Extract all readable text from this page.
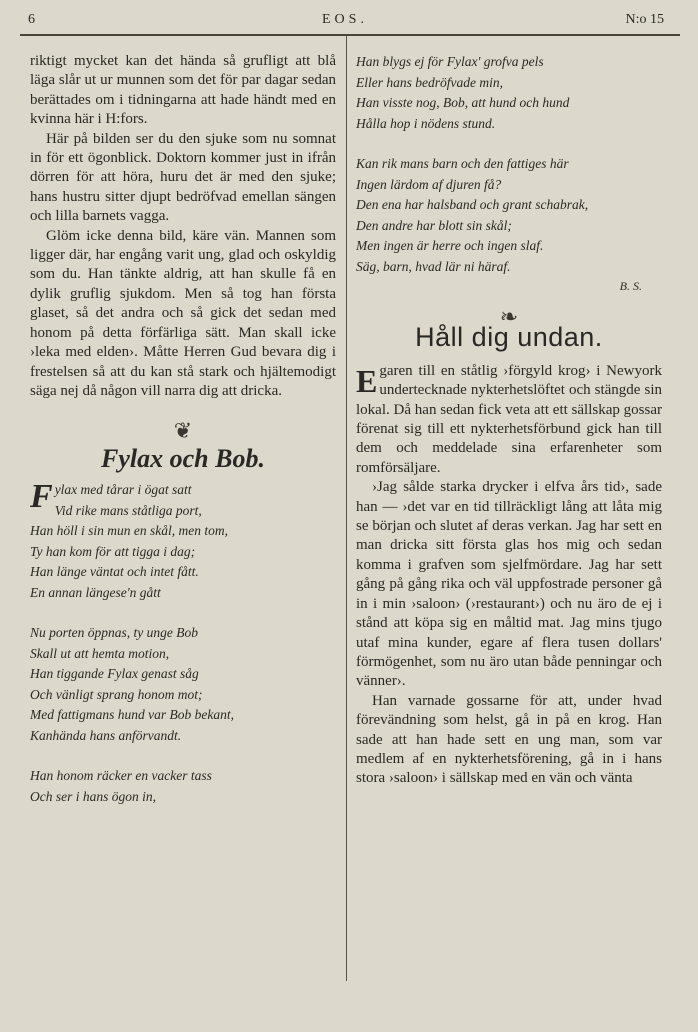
6	EOS.	N:o 15

riktigt mycket kan det hända så grufligt att blå läga slår ut ur munnen som det för par dagar sedan berättades om i tidningarna att hade händt med en kvinna här i H:fors.

Här på bilden ser du den sjuke som nu somnat in för ett ögonblick. Doktorn kommer just in ifrån dörren för att höra, huru det är med den sjuke; hans hustru sitter djupt bedröfvad emellan sängen och lilla barnets vagga.

Glöm icke denna bild, käre vän. Mannen som ligger där, har engång varit ung, glad och oskyldig som du. Han tänkte aldrig, att han skulle få en dylik gruflig sjukdom. Men så tog han första glaset, så det andra och så gick det sedan med honom på detta förfärliga sätt. Man skall icke ›leka med elden›. Måtte Herren Gud bevara dig i frestelsen så att du kan stå stark och hjältemodigt säga nej då någon vill narra dig att dricka.

❦
Fylax och Bob.
Fylax med tårar i ögat satt
Vid rike mans ståtliga port,
Han höll i sin mun en skål, men tom,
Ty han kom för att tigga i dag;
Han länge väntat och intet fått.
En annan längese'n gått
Nu porten öppnas, ty unge Bob
Skall ut att hemta motion,
Han tiggande Fylax genast såg
Och vänligt sprang honom mot;
Med fattigmans hund var Bob bekant,
Kanhända hans anförvandt.
Han honom räcker en vacker tass
Och ser i hans ögon in,
Han blygs ej för Fylax' grofva pels
Eller hans bedröfvade min,
Han visste nog, Bob, att hund och hund
Hålla hop i nödens stund.
Kan rik mans barn och den fattiges här
Ingen lärdom af djuren få?
Den ena har halsband och grant schabrak,
Den andre har blott sin skål;
Men ingen är herre och ingen slaf.
Säg, barn, hvad lär ni häraf.
B. S.
❧
Håll dig undan.

Egaren till en ståtlig ›förgyld krog› i Newyork undertecknade nykterhetslöftet och stängde sin lokal. Då han sedan fick veta att ett sällskap gossar förenat sig till ett nykterhetsförbund gick han till dem och meddelade sina erfarenheter som romförsäljare.

›Jag sålde starka drycker i elfva års tid›, sade han — ›det var en tid tillräckligt lång att låta mig se början och slutet af deras verkan. Jag har sett en man dricka sitt första glas hos mig och sedan komma i grafven som sjelfmördare. Jag har sett gång på gång rika och väl uppfostrade personer gå in i min ›saloon› (›restaurant›) och nu äro de ej i stånd att köpa sig en måltid mat. Jag mins tjugo utaf mina kunder, egare af flera tusen dollars' förmögenhet, som nu äro utan både penningar och vänner›.

Han varnade gossarne för att, under hvad förevändning som helst, gå in på en krog. Han sade att han hade sett en ung man, som var medlem af en nykterhetsförening, gå in i hans stora ›saloon› i sällskap med en vän och vänta
